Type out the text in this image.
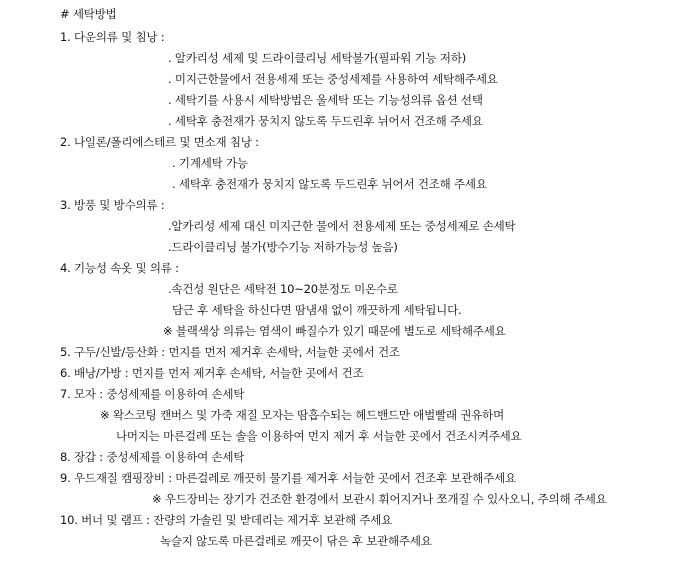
# 세탁방법
1. 다운의류 및 침낭 :
. 알카리성 세제 및 드라이클리닝 세탁불가(필파워 기능 저하)
. 미지근한물에서 전용세제 또는 중성세제를 사용하여 세탁해주세요
. 세탁기를 사용시 세탁방법은 울세탁 또는 기능성의류 옵션 선택
. 세탁후 충전재가 뭉치지 않도록 두드린후 뉘어서 건조해 주세요
2. 나일론/폴리에스테르 및 면소재 침낭 :
. 기계세탁 가능
. 세탁후 충전재가 뭉치지 않도록 두드린후 뉘어서 건조해 주세요
3. 방풍 및 방수의류 :
.알카리성 세제 대신 미지근한 물에서 전용세제 또는 중성세제로 손세탁
.드라이클리닝 불가(방수기능 저하가능성 높음)
4. 기능성 속옷 및 의류 :
.속건성 원단은 세탁전 10~20분정도 미온수로
담근 후 세탁을 하신다면 땀냄새 없이 깨끗하게 세탁됩니다.
※ 블랙색상 의류는 염색이 빠질수가 있기 때문에 별도로 세탁해주세요
5. 구두/신발/등산화 : 먼지를 먼저 제거후 손세탁, 서늘한 곳에서 건조
6. 배낭/가방 : 먼지를 먼저 제거후 손세탁, 서늘한 곳에서 건조
7. 모자 : 중성세제를 이용하여 손세탁
※ 왁스코팅 캔버스 및 가죽 재질 모자는 땀흡수되는 헤드밴드만 애벌빨래 권유하며
나머지는 마른걸레 또는 솔을 이용하여 먼지 제거 후 서늘한 곳에서 건조시켜주세요
8. 장갑 : 중성세제를 이용하여 손세탁
9. 우드재질 캠핑장비 : 마른걸레로 깨끗히 물기를 제거후 서늘한 곳에서 건조후 보관해주세요
※ 우드장비는 장기가 건조한 환경에서 보관시 휘어지거나 쪼개질 수 있사오니, 주의해 주세요
10. 버너 및 램프 : 잔량의 가솔린 및 받데리는 제거후 보관해 주세요
녹슬지 않도록 마른걸레로 깨끗이 닦은 후 보관해주세요
